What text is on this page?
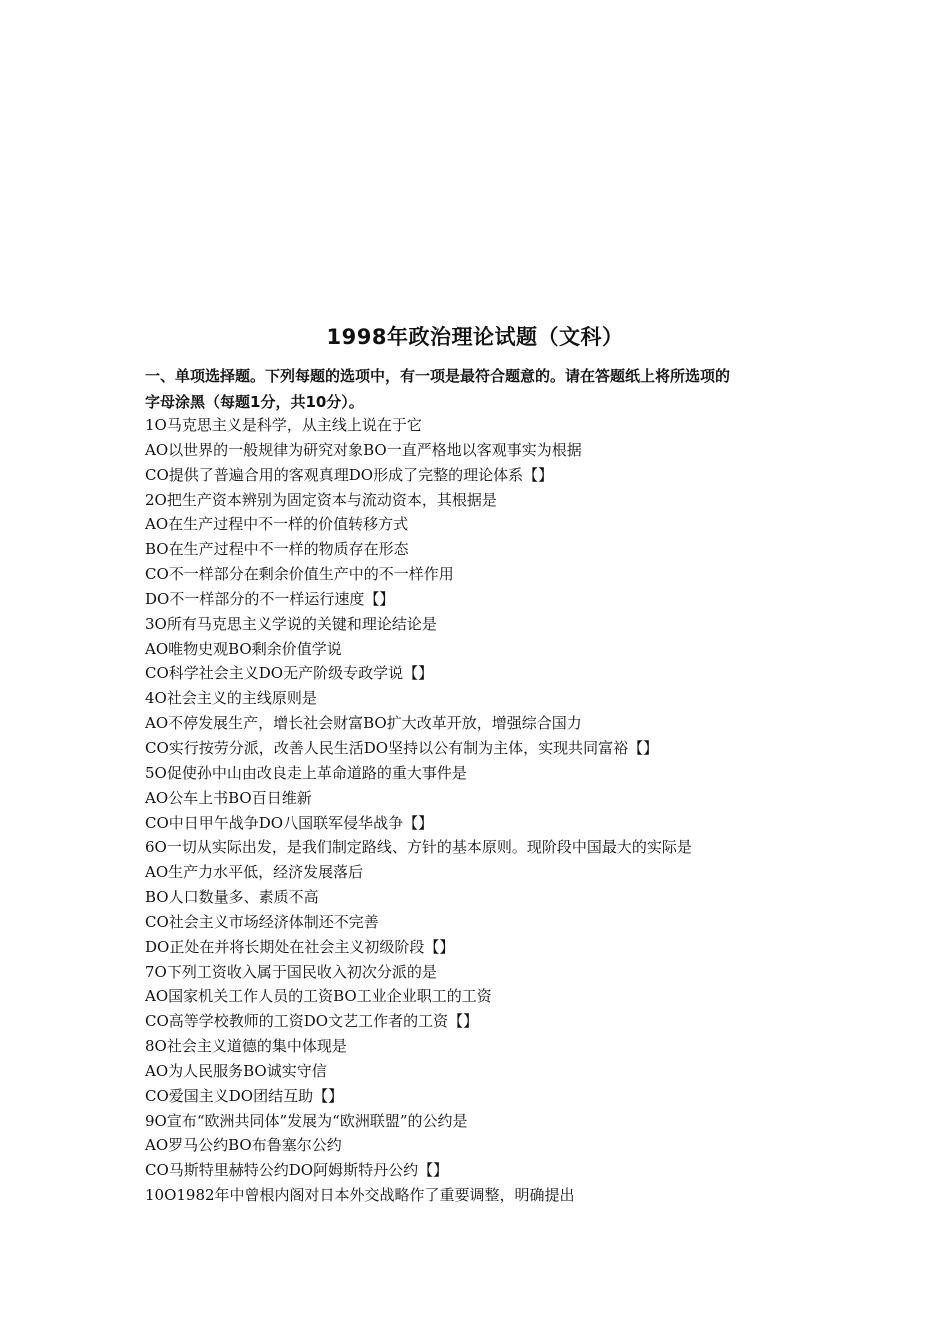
1998年政治理论试题（文科）
一、单项选择题。下列每题的选项中，有一项是最符合题意的。请在答题纸上将所选项的
字母涂黑（每题1分，共10分）。
1O马克思主义是科学，从主线上说在于它
AO以世界的一般规律为研究对象BO一直严格地以客观事实为根据
CO提供了普遍合用的客观真理DO形成了完整的理论体系【】
2O把生产资本辨别为固定资本与流动资本，其根据是
AO在生产过程中不一样的价值转移方式
BO在生产过程中不一样的物质存在形态
CO不一样部分在剩余价值生产中的不一样作用
DO不一样部分的不一样运行速度【】
3O所有马克思主义学说的关键和理论结论是
AO唯物史观BO剩余价值学说
CO科学社会主义DO无产阶级专政学说【】
4O社会主义的主线原则是
AO不停发展生产，增长社会财富BO扩大改革开放，增强综合国力
CO实行按劳分派，改善人民生活DO坚持以公有制为主体，实现共同富裕【】
5O促使孙中山由改良走上革命道路的重大事件是
AO公车上书BO百日维新
CO中日甲午战争DO八国联军侵华战争【】
6O一切从实际出发，是我们制定路线、方针的基本原则。现阶段中国最大的实际是
AO生产力水平低，经济发展落后
BO人口数量多、素质不高
CO社会主义市场经济体制还不完善
DO正处在并将长期处在社会主义初级阶段【】
7O下列工资收入属于国民收入初次分派的是
AO国家机关工作人员的工资BO工业企业职工的工资
CO高等学校教师的工资DO文艺工作者的工资【】
8O社会主义道德的集中体现是
AO为人民服务BO诚实守信
CO爱国主义DO团结互助【】
9O宣布“欧洲共同体”发展为“欧洲联盟”的公约是
AO罗马公约BO布鲁塞尔公约
CO马斯特里赫特公约DO阿姆斯特丹公约【】
10O1982年中曾根内阁对日本外交战略作了重要调整，明确提出
